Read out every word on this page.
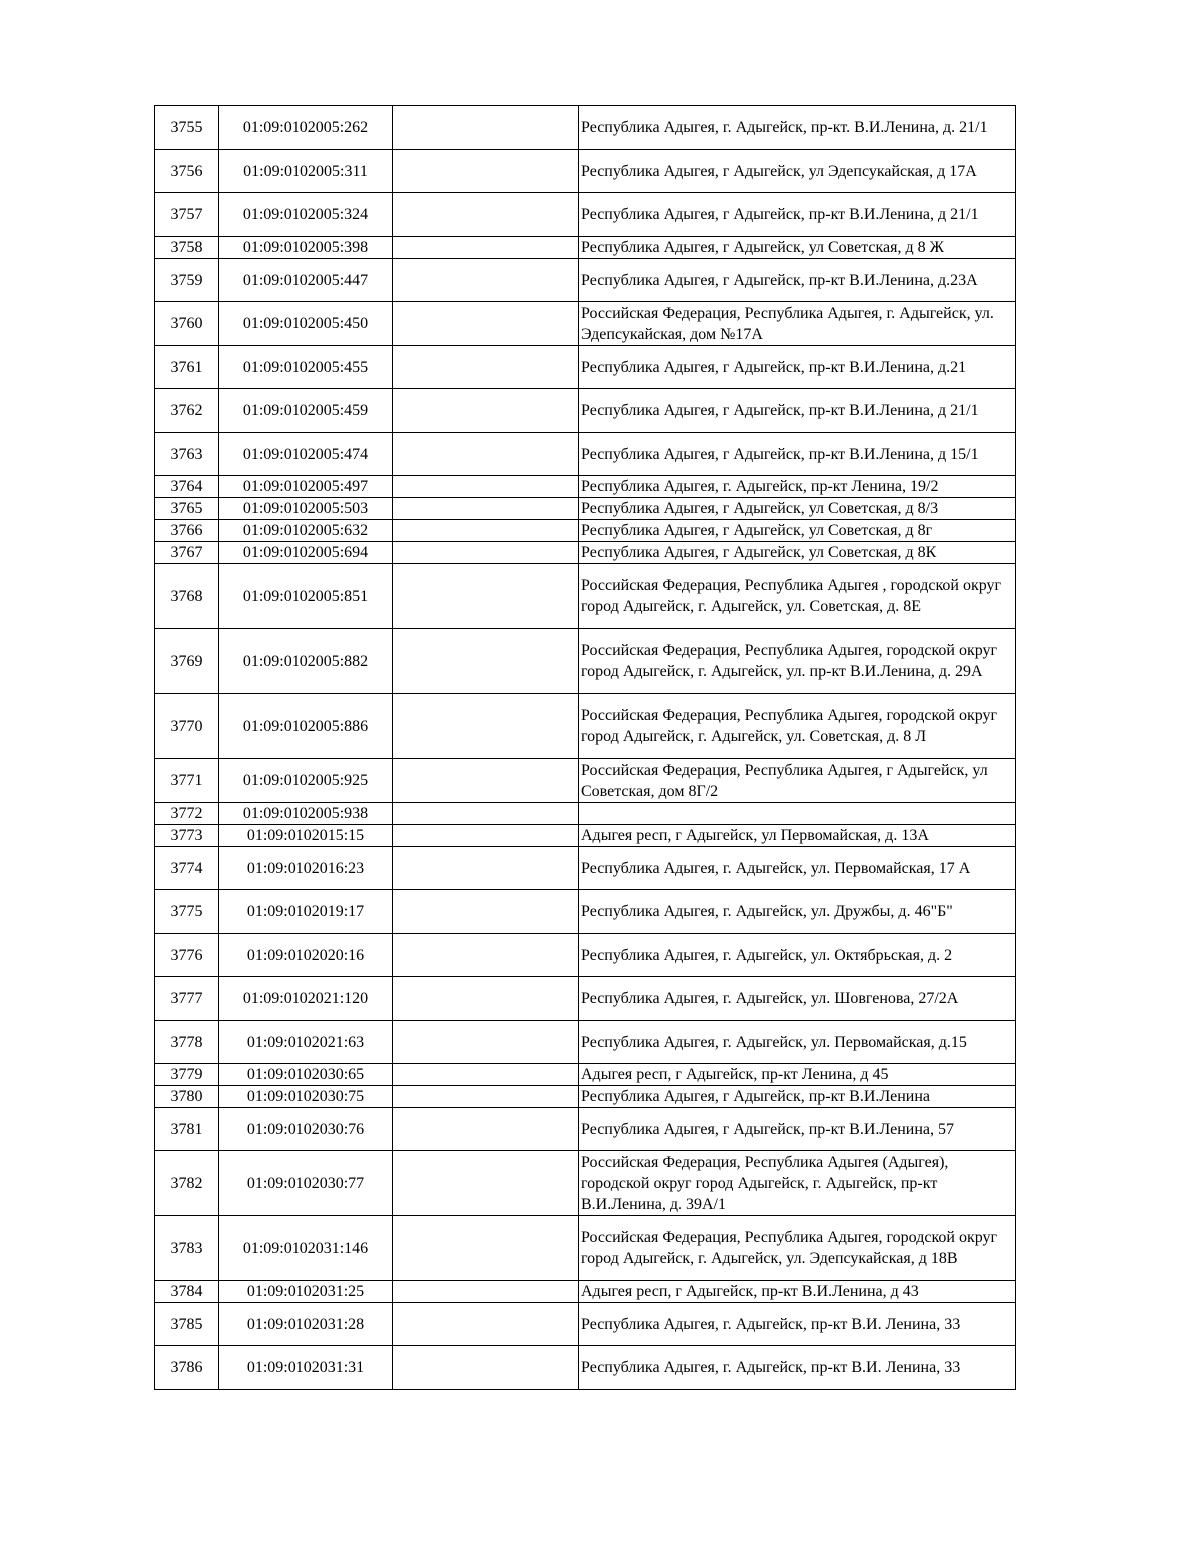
3755	01:09:0102005:262		Республика Адыгея, г. Адыгейск, пр-кт. В.И.Ленина, д. 21/1
3756	01:09:0102005:311		Республика Адыгея, г Адыгейск, ул Эдепсукайская, д 17А
3757	01:09:0102005:324		Республика Адыгея, г Адыгейск, пр-кт В.И.Ленина, д 21/1
3758	01:09:0102005:398		Республика Адыгея, г Адыгейск, ул Советская, д 8 Ж
3759	01:09:0102005:447		Республика Адыгея, г Адыгейск, пр-кт В.И.Ленина, д.23А
3760	01:09:0102005:450		Российская Федерация, Республика Адыгея, г. Адыгейск, ул. Эдепсукайская, дом №17А
3761	01:09:0102005:455		Республика Адыгея, г Адыгейск, пр-кт В.И.Ленина, д.21
3762	01:09:0102005:459		Республика Адыгея, г Адыгейск, пр-кт В.И.Ленина, д 21/1
3763	01:09:0102005:474		Республика Адыгея, г Адыгейск, пр-кт В.И.Ленина, д 15/1
3764	01:09:0102005:497		Республика Адыгея, г. Адыгейск, пр-кт Ленина, 19/2
3765	01:09:0102005:503		Республика Адыгея, г Адыгейск, ул Советская, д 8/3
3766	01:09:0102005:632		Республика Адыгея, г Адыгейск, ул Советская, д 8г
3767	01:09:0102005:694		Республика Адыгея, г Адыгейск, ул Советская, д 8К
3768	01:09:0102005:851		Российская Федерация, Республика Адыгея , городской округ город Адыгейск, г. Адыгейск, ул. Советская, д. 8Е
3769	01:09:0102005:882		Российская Федерация, Республика Адыгея, городской округ город Адыгейск, г. Адыгейск, ул. пр-кт В.И.Ленина, д. 29А
3770	01:09:0102005:886		Российская Федерация, Республика Адыгея, городской округ город Адыгейск, г. Адыгейск, ул. Советская, д. 8 Л
3771	01:09:0102005:925		Российская Федерация, Республика Адыгея, г Адыгейск, ул Советская, дом 8Г/2
3772	01:09:0102005:938		
3773	01:09:0102015:15		Адыгея респ, г Адыгейск, ул Первомайская, д. 13А
3774	01:09:0102016:23		Республика Адыгея, г. Адыгейск, ул. Первомайская, 17 А
3775	01:09:0102019:17		Республика Адыгея, г. Адыгейск, ул. Дружбы, д. 46"Б"
3776	01:09:0102020:16		Республика Адыгея, г. Адыгейск, ул. Октябрьская, д. 2
3777	01:09:0102021:120		Республика Адыгея, г. Адыгейск, ул. Шовгенова, 27/2А
3778	01:09:0102021:63		Республика Адыгея, г. Адыгейск, ул. Первомайская, д.15
3779	01:09:0102030:65		Адыгея респ, г Адыгейск, пр-кт Ленина, д 45
3780	01:09:0102030:75		Республика Адыгея, г Адыгейск, пр-кт В.И.Ленина
3781	01:09:0102030:76		Республика Адыгея, г Адыгейск, пр-кт В.И.Ленина, 57
3782	01:09:0102030:77		Российская Федерация, Республика Адыгея (Адыгея), городской округ город Адыгейск, г. Адыгейск, пр-кт В.И.Ленина, д. 39А/1
3783	01:09:0102031:146		Российская Федерация, Республика Адыгея, городской округ город Адыгейск, г. Адыгейск, ул. Эдепсукайская, д 18В
3784	01:09:0102031:25		Адыгея респ, г Адыгейск, пр-кт В.И.Ленина, д 43
3785	01:09:0102031:28		Республика Адыгея, г. Адыгейск, пр-кт В.И. Ленина, 33
3786	01:09:0102031:31		Республика Адыгея, г. Адыгейск, пр-кт В.И. Ленина, 33
